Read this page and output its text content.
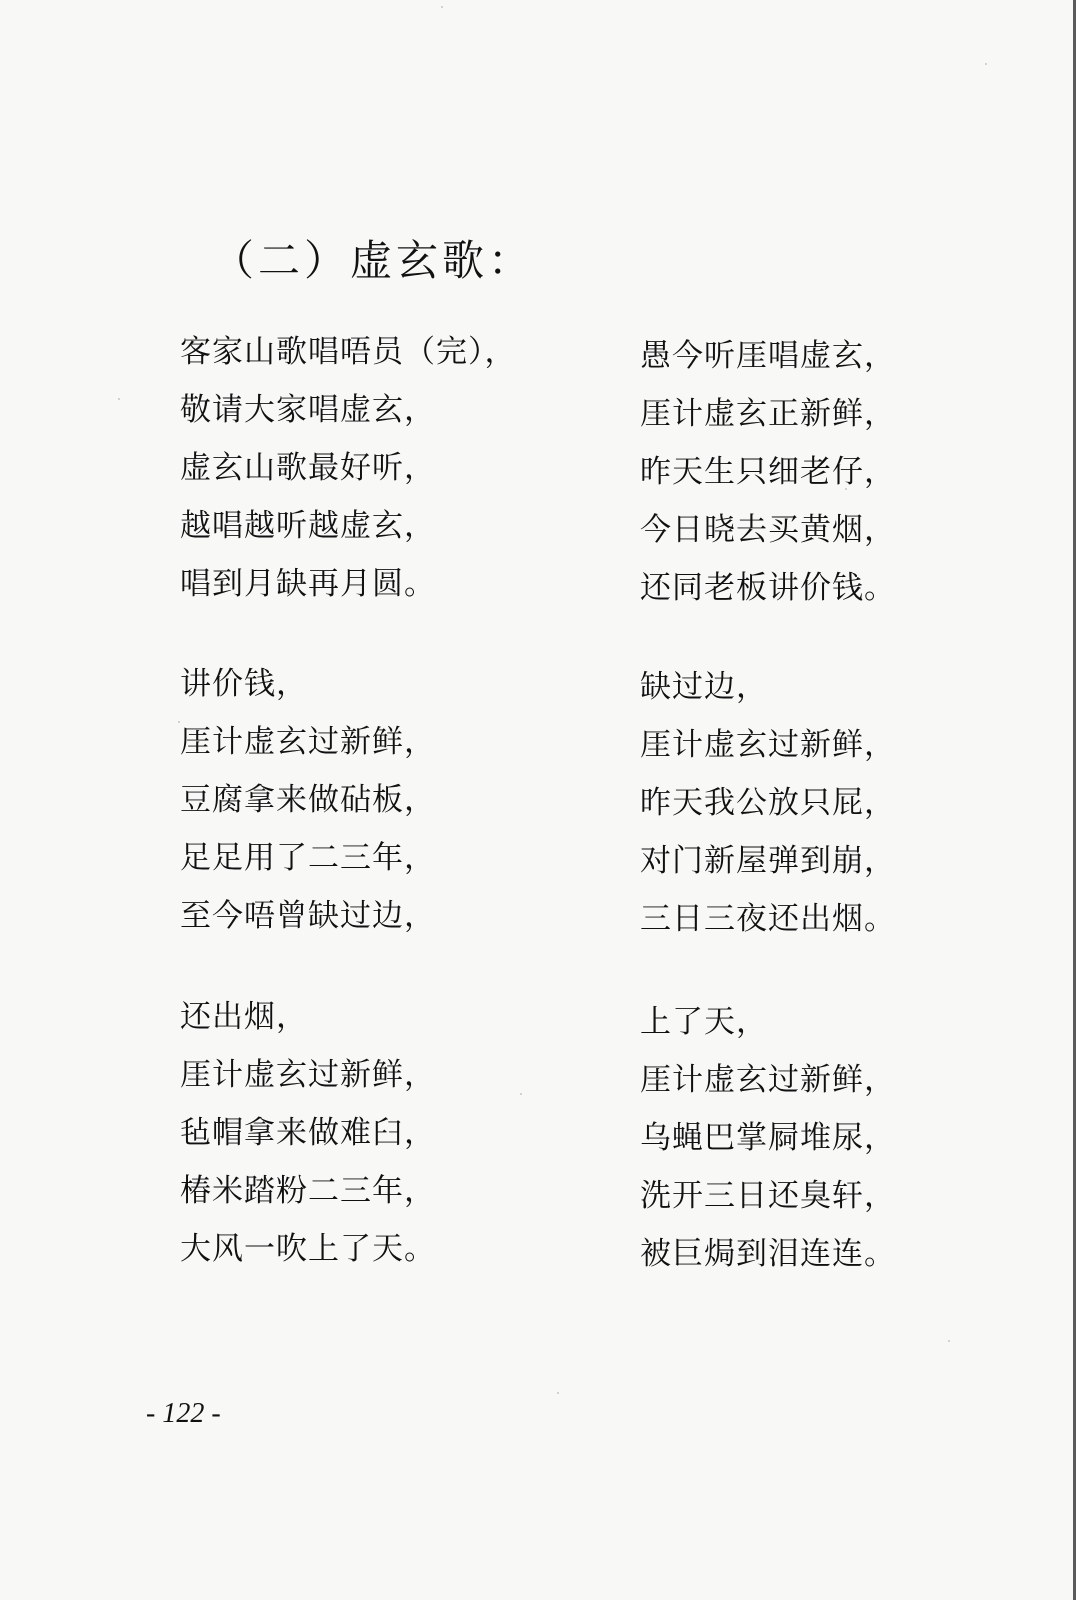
（二）虚玄歌：
客家山歌唱唔员（完），
敬请大家唱虚玄，
虚玄山歌最好听，
越唱越听越虚玄，
唱到月缺再月圆。
讲价钱，
厓计虚玄过新鲜，
豆腐拿来做砧板，
足足用了二三年，
至今唔曾缺过边，
还出烟，
厓计虚玄过新鲜，
毡帽拿来做难臼，
椿米踏粉二三年，
大风一吹上了天。
愚今听厓唱虚玄，
厓计虚玄正新鲜，
昨天生只细老仔，
今日晓去买黄烟，
还同老板讲价钱。
缺过边，
厓计虚玄过新鲜，
昨天我公放只屁，
对门新屋弹到崩，
三日三夜还出烟。
上了天，
厓计虚玄过新鲜，
乌蝇巴掌屙堆尿，
洗开三日还臭轩，
被巨焗到泪连连。
- 122 -
